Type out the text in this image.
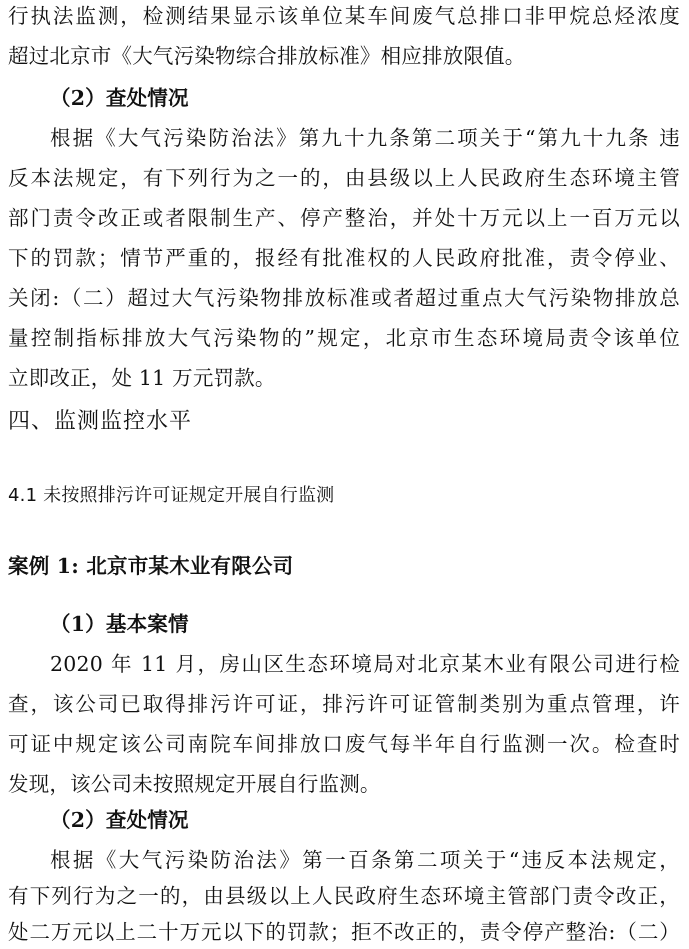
行执法监测，检测结果显示该单位某车间废气总排口非甲烷总烃浓度
超过北京市《大气污染物综合排放标准》相应排放限值。
（2）查处情况
根据《大气污染防治法》第九十九条第二项关于“第九十九条 违
反本法规定，有下列行为之一的，由县级以上人民政府生态环境主管
部门责令改正或者限制生产、停产整治，并处十万元以上一百万元以
下的罚款；情节严重的，报经有批准权的人民政府批准，责令停业、
关闭:（二）超过大气污染物排放标准或者超过重点大气污染物排放总
量控制指标排放大气污染物的”规定，北京市生态环境局责令该单位
立即改正，处 11 万元罚款。
四、监测监控水平
4.1 未按照排污许可证规定开展自行监测
案例 1: 北京市某木业有限公司
（1）基本案情
2020 年 11 月，房山区生态环境局对北京某木业有限公司进行检
查，该公司已取得排污许可证，排污许可证管制类别为重点管理，许
可证中规定该公司南院车间排放口废气每半年自行监测一次。检查时
发现，该公司未按照规定开展自行监测。
（2）查处情况
根据《大气污染防治法》第一百条第二项关于“违反本法规定，
有下列行为之一的，由县级以上人民政府生态环境主管部门责令改正，
处二万元以上二十万元以下的罚款；拒不改正的，责令停产整治:（二）
